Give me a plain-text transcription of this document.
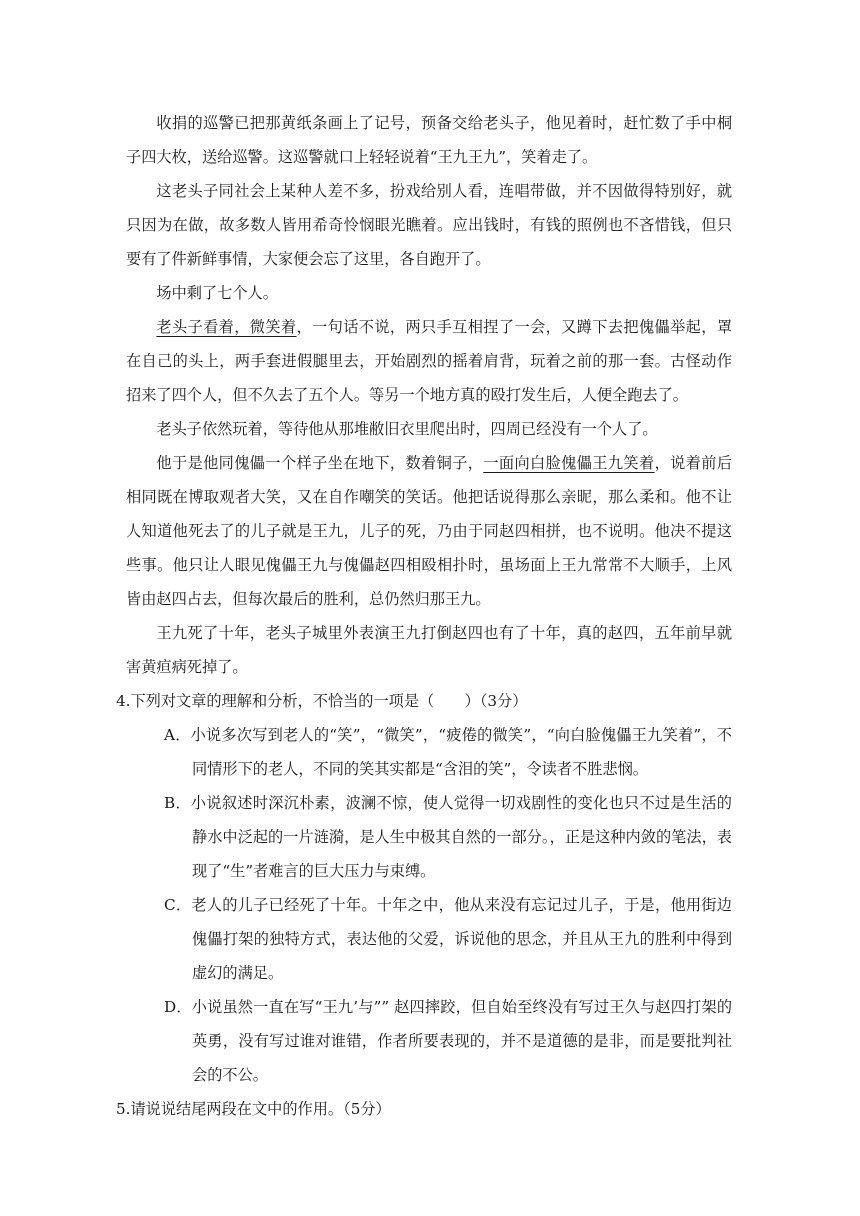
收捐的巡警已把那黄纸条画上了记号，预备交给老头子，他见着时，赶忙数了手中桐子四大枚，送给巡警。这巡警就口上轻轻说着“王九王九”，笑着走了。

这老头子同社会上某种人差不多，扮戏给别人看，连唱带做，并不因做得特别好，就只因为在做，故多数人皆用希奇怜悯眼光瞧着。应出钱时，有钱的照例也不吝惜钱，但只要有了件新鲜事情，大家便会忘了这里，各自跑开了。

场中剩了七个人。

老头子看着，微笑着，一句话不说，两只手互相捏了一会，又蹲下去把傀儡举起，罩在自己的头上，两手套进假腿里去，开始剧烈的摇着肩背，玩着之前的那一套。古怪动作招来了四个人，但不久去了五个人。等另一个地方真的殴打发生后，人便全跑去了。

老头子依然玩着，等待他从那堆敝旧衣里爬出时，四周已经没有一个人了。

他于是他同傀儡一个样子坐在地下，数着铜子，一面向白脸傀儡王九笑着，说着前后相同既在博取观者大笑，又在自作嘲笑的笑话。他把话说得那么亲昵，那么柔和。他不让人知道他死去了的儿子就是王九，儿子的死，乃由于同赵四相拼，也不说明。他决不提这些事。他只让人眼见傀儡王九与傀儡赵四相殴相扑时，虽场面上王九常常不大顺手，上风皆由赵四占去，但每次最后的胜利，总仍然归那王九。

王九死了十年，老头子城里外表演王九打倒赵四也有了十年，真的赵四，五年前早就害黄疸病死掉了。

4.下列对文章的理解和分析，不恰当的一项是（　　）（3分）

A．小说多次写到老人的“笑”，“微笑”，“疲倦的微笑”，“向白脸傀儡王九笑着”，不同情形下的老人，不同的笑其实都是“含泪的笑”，令读者不胜悲悯。

B．小说叙述时深沉朴素，波澜不惊，使人觉得一切戏剧性的变化也只不过是生活的静水中泛起的一片涟漪，是人生中极其自然的一部分。，正是这种内敛的笔法，表现了“生”者难言的巨大压力与束缚。

C．老人的儿子已经死了十年。十年之中，他从来没有忘记过儿子，于是，他用街边傀儡打架的独特方式，表达他的父爱，诉说他的思念，并且从王九的胜利中得到虚幻的满足。

D．小说虽然一直在写“王九’与”” 赵四摔跤，但自始至终没有写过王久与赵四打架的英勇，没有写过谁对谁错，作者所要表现的，并不是道德的是非，而是要批判社会的不公。

5.请说说结尾两段在文中的作用。（5分）
